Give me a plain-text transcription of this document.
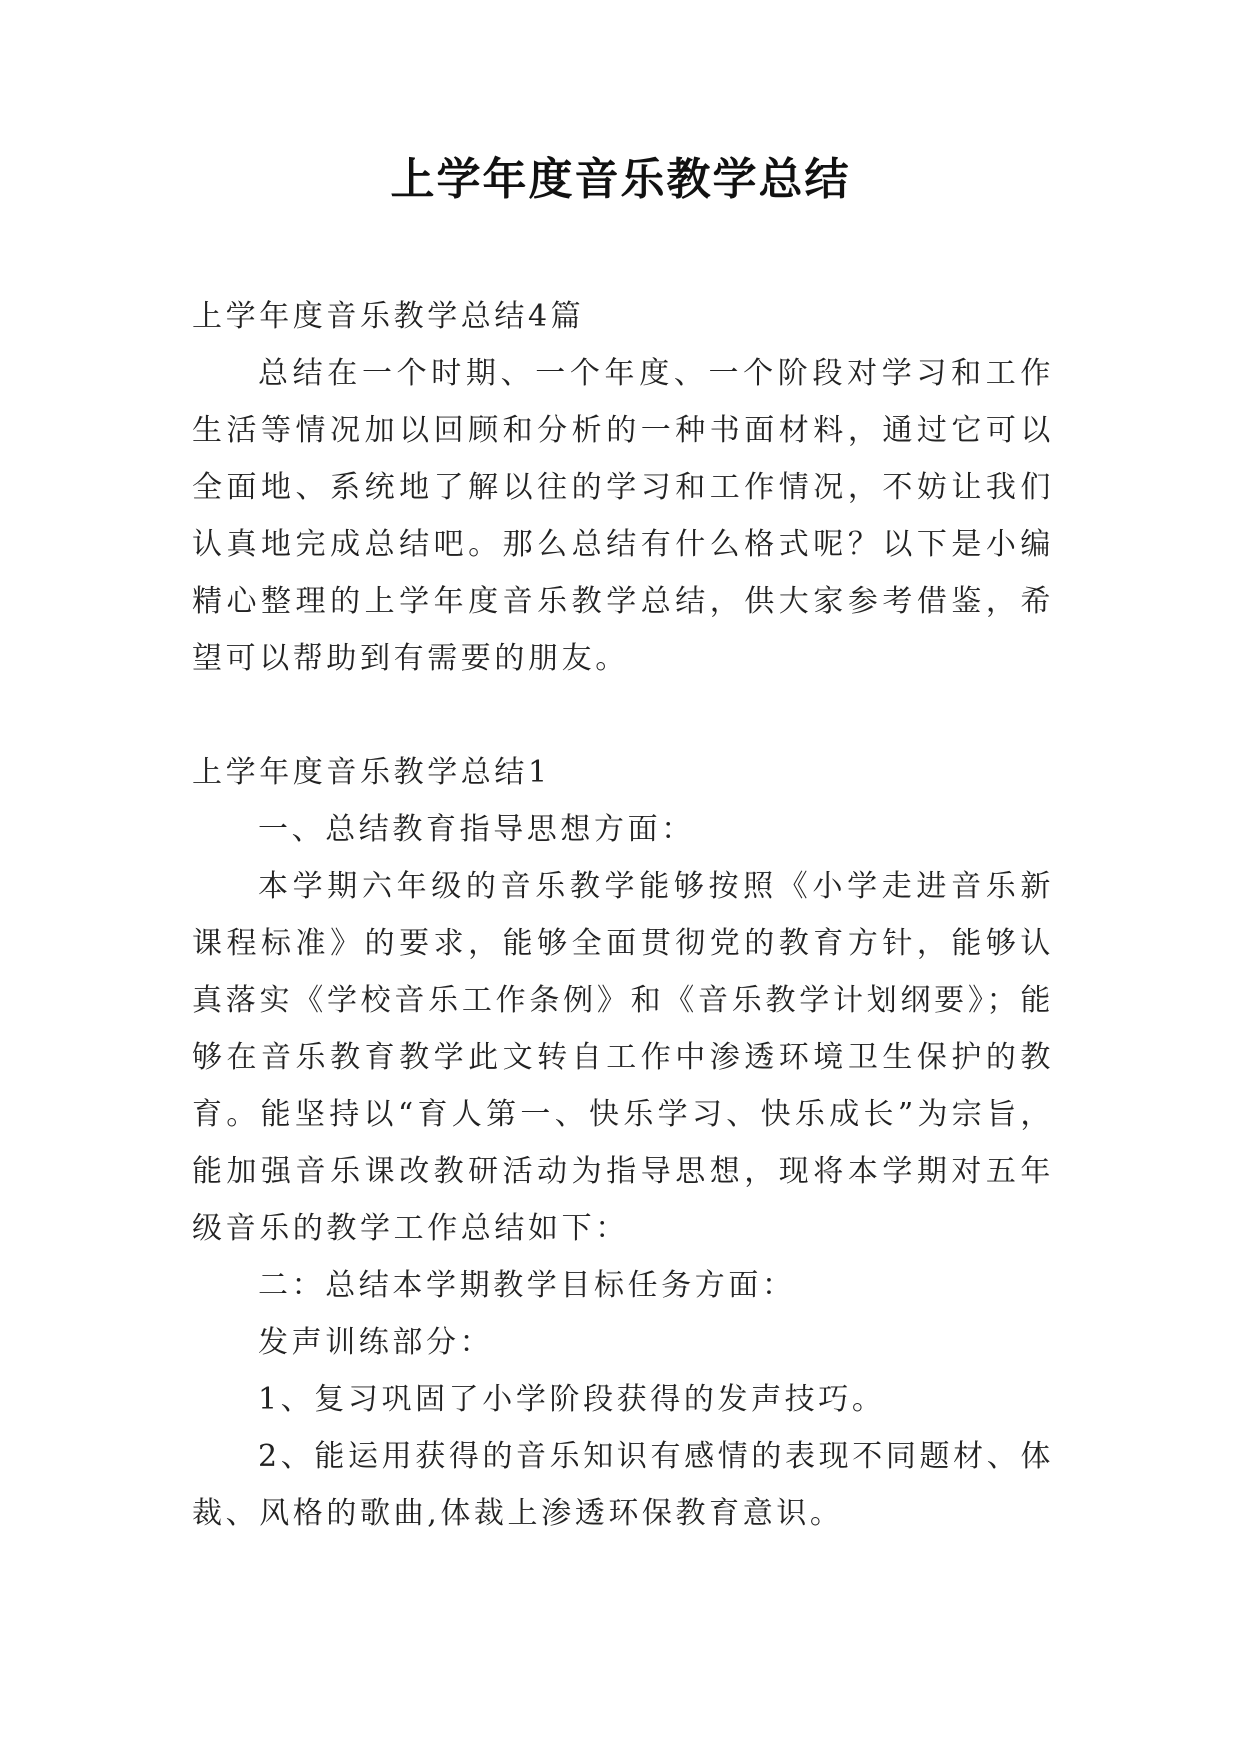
上学年度音乐教学总结

上学年度音乐教学总结4篇

总结在一个时期、一个年度、一个阶段对学习和工作生活等情况加以回顾和分析的一种书面材料，通过它可以全面地、系统地了解以往的学习和工作情况，不妨让我们认真地完成总结吧。那么总结有什么格式呢？以下是小编精心整理的上学年度音乐教学总结，供大家参考借鉴，希望可以帮助到有需要的朋友。

上学年度音乐教学总结1

一、总结教育指导思想方面：

本学期六年级的音乐教学能够按照《小学走进音乐新课程标准》的要求，能够全面贯彻党的教育方针，能够认真落实《学校音乐工作条例》和《音乐教学计划纲要》；能够在音乐教育教学此文转自工作中渗透环境卫生保护的教育。能坚持以“育人第一、快乐学习、快乐成长”为宗旨，能加强音乐课改教研活动为指导思想，现将本学期对五年级音乐的教学工作总结如下：

二：总结本学期教学目标任务方面：

发声训练部分：

1、复习巩固了小学阶段获得的发声技巧。

2、能运用获得的音乐知识有感情的表现不同题材、体裁、风格的歌曲,体裁上渗透环保教育意识。
